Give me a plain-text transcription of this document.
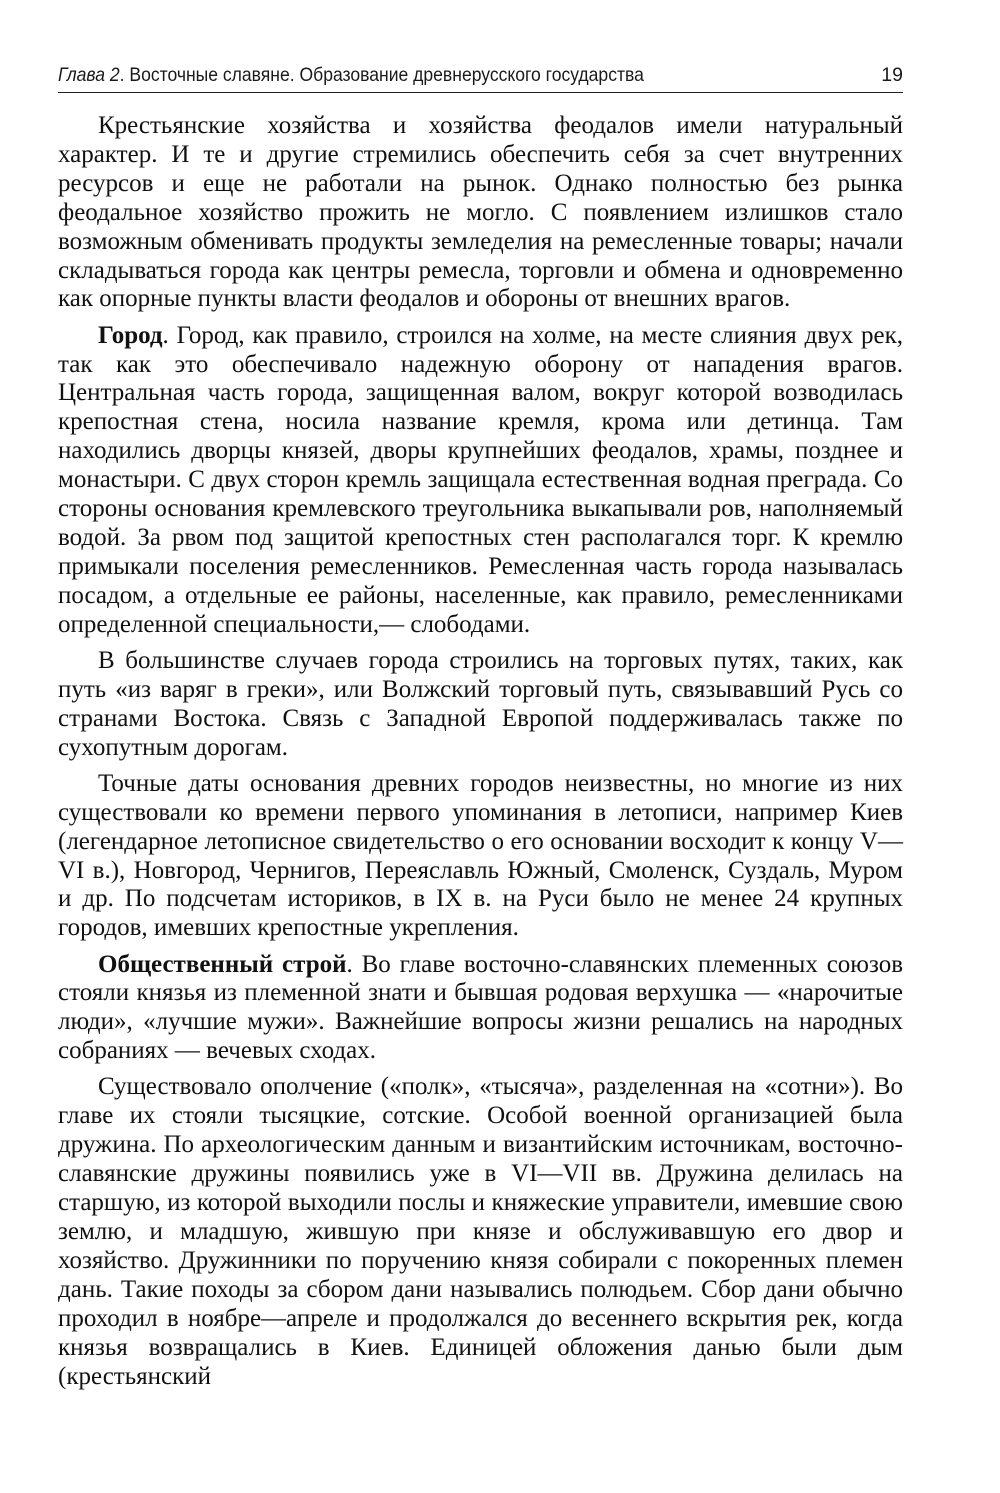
Глава 2. Восточные славяне. Образование древнерусского государства	19

Крестьянские хозяйства и хозяйства феодалов имели натуральный характер. И те и другие стремились обеспечить себя за счет внутренних ресурсов и еще не работали на рынок. Однако полностью без рынка феодальное хозяйство прожить не могло. С появлением излишков стало возможным обменивать продукты земледелия на ремесленные товары; начали складываться города как центры ремесла, торговли и обмена и одновременно как опорные пункты власти феодалов и обороны от внешних врагов.

Город. Город, как правило, строился на холме, на месте слияния двух рек, так как это обеспечивало надежную оборону от нападения врагов. Центральная часть города, защищенная валом, вокруг которой возводилась крепостная стена, носила название кремля, крома или детинца. Там находились дворцы князей, дворы крупнейших феодалов, храмы, позднее и монастыри. С двух сторон кремль защищала естественная водная преграда. Со стороны основания кремлевского треугольника выкапывали ров, наполняемый водой. За рвом под защитой крепостных стен располагался торг. К кремлю примыкали поселения ремесленников. Ремесленная часть города называлась посадом, а отдельные ее районы, населенные, как правило, ремесленниками определенной специальности,— слободами.

В большинстве случаев города строились на торговых путях, таких, как путь «из варяг в греки», или Волжский торговый путь, связывавший Русь со странами Востока. Связь с Западной Европой поддерживалась также по сухопутным дорогам.

Точные даты основания древних городов неизвестны, но многие из них существовали ко времени первого упоминания в летописи, например Киев (легендарное летописное свидетельство о его основании восходит к концу V—VI в.), Новгород, Чернигов, Переяславль Южный, Смоленск, Суздаль, Муром и др. По подсчетам историков, в IX в. на Руси было не менее 24 крупных городов, имевших крепостные укрепления.

Общественный строй. Во главе восточно-славянских племенных союзов стояли князья из племенной знати и бывшая родовая верхушка — «нарочитые люди», «лучшие мужи». Важнейшие вопросы жизни решались на народных собраниях — вечевых сходах.

Существовало ополчение («полк», «тысяча», разделенная на «сотни»). Во главе их стояли тысяцкие, сотские. Особой военной организацией была дружина. По археологическим данным и византийским источникам, восточно-славянские дружины появились уже в VI—VII вв. Дружина делилась на старшую, из которой выходили послы и княжеские управители, имевшие свою землю, и младшую, жившую при князе и обслуживавшую его двор и хозяйство. Дружинники по поручению князя собирали с покоренных племен дань. Такие походы за сбором дани назывались полюдьем. Сбор дани обычно проходил в ноябре—апреле и продолжался до весеннего вскрытия рек, когда князья возвращались в Киев. Единицей обложения данью были дым (крестьянский
